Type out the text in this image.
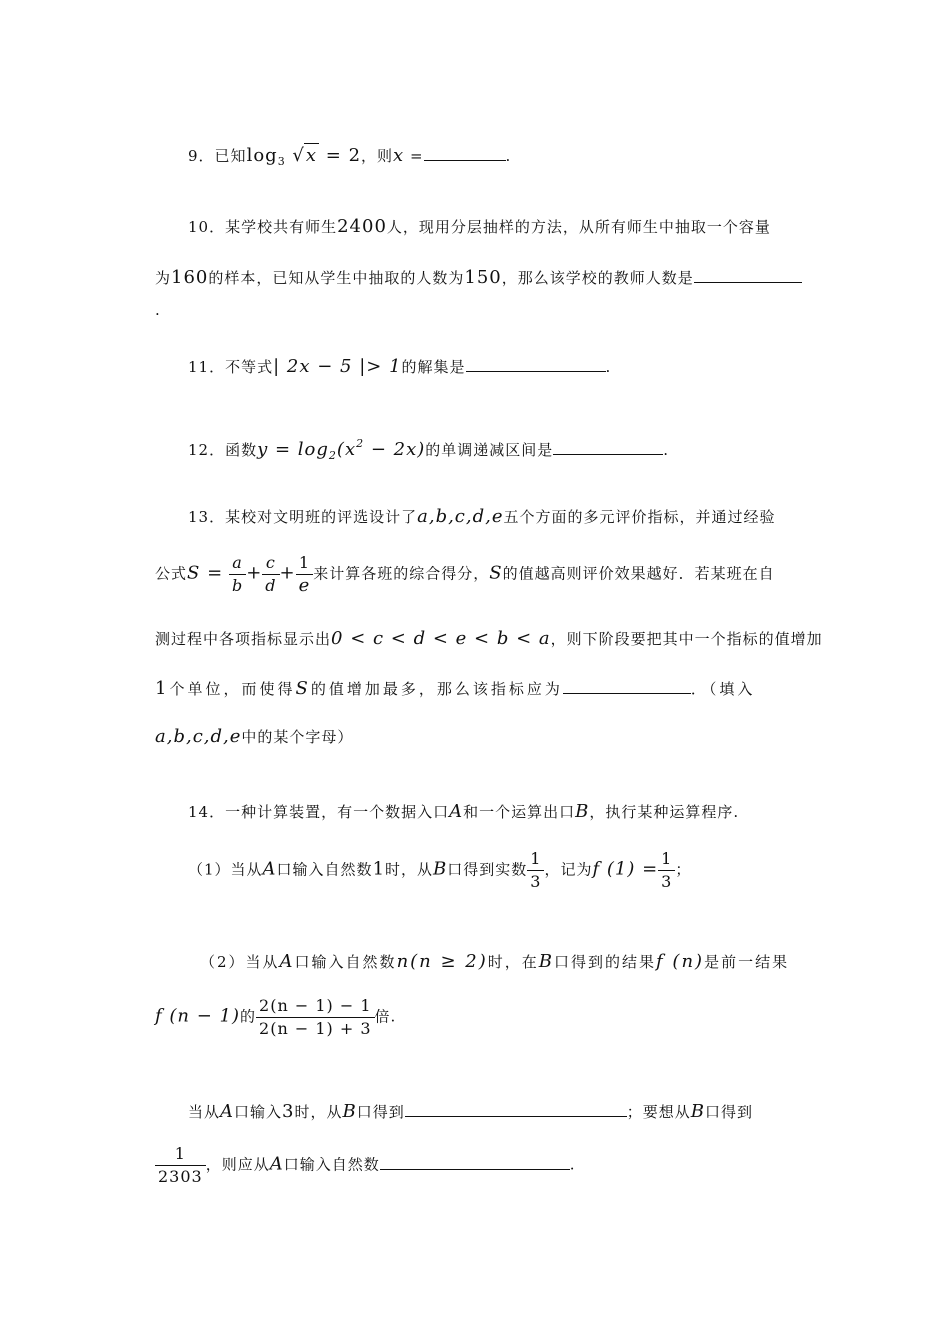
9．已知$\log_3 √x = 2$，则x =	.
10．某学校共有师生2400人，现用分层抽样的方法，从所有师生中抽取一个容量
为160的样本，已知从学生中抽取的人数为150，那么该学校的教师人数是
.
11．不等式| 2x − 5 |> 1的解集是	.
12．函数$y = \log_2(x^2 - 2x)$的单调递减区间是	.
13．某校对文明班的评选设计了a,b,c,d,e五个方面的多元评价指标，并通过经验
公式$S = \frac{a}{b} + \frac{c}{d} + \frac{1}{e}$ 来计算各班的综合得分，S的值越高则评价效果越好．若某班在自
测过程中各项指标显示出0 < c < d < e < b < a，则下阶段要把其中一个指标的值增加
1个单位，而使得S的值增加最多，那么该指标应为	．（填入
a,b,c,d,e中的某个字母）
14．一种计算装置，有一个数据入口A和一个运算出口B，执行某种运算程序.
（1）当从A口输入自然数1时，从B口得到实数 $\frac{1}{3}$ ，记为f $(1) = \frac{1}{3}$ ；
（2）当从A口输入自然数n(n ≥ 2)时，在B口得到的结果f (n)是前一结果
f (n − 1)的 $\frac{2(n - 1) - 1}{2(n - 1) + 3}$ 倍.
当从A口输入3时，从B口得到	；要想从B口得到
$\frac{1}{2303}$ ，则应从A口输入自然数	.
